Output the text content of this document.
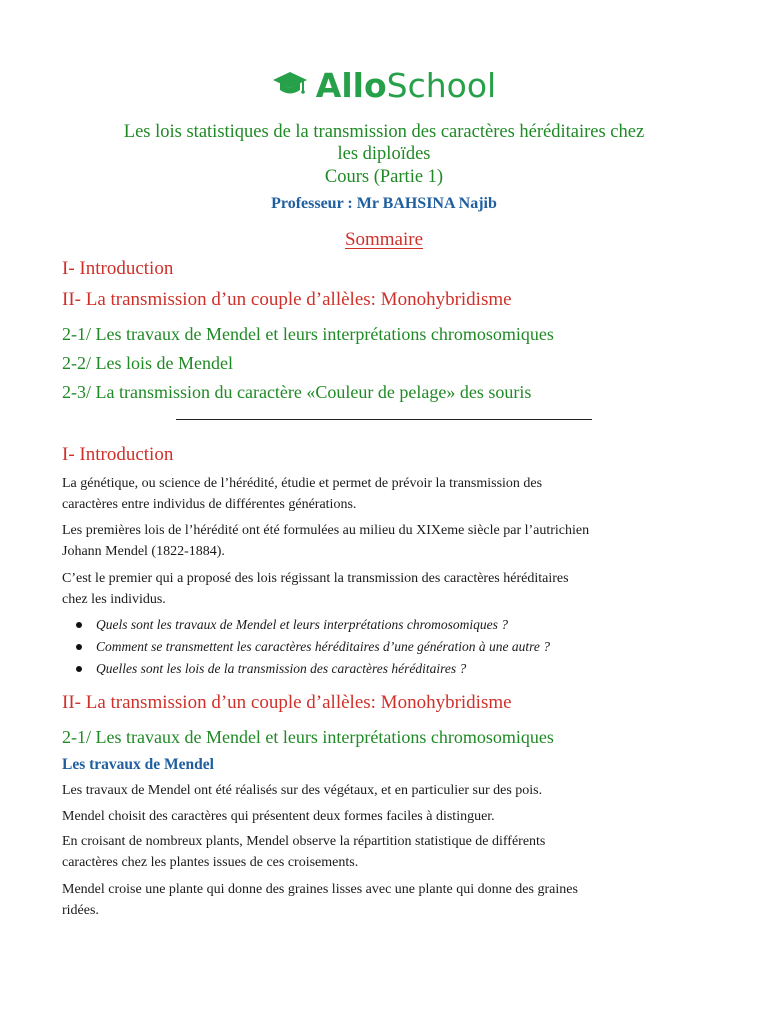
AlloSchool
Les lois statistiques de la transmission des caractères héréditaires chez
les diploïdes
Cours (Partie 1)
Professeur : Mr BAHSINA Najib
Sommaire
I- Introduction
II- La transmission d’un couple d’allèles: Monohybridisme
2-1/ Les travaux de Mendel et leurs interprétations chromosomiques
2-2/ Les lois de Mendel
2-3/ La transmission du caractère «Couleur de pelage» des souris
I- Introduction
La génétique, ou science de l’hérédité, étudie et permet de prévoir la transmission des
caractères entre individus de différentes générations.
Les premières lois de l’hérédité ont été formulées au milieu du XIXeme siècle par l’autrichien
Johann Mendel (1822-1884).
C’est le premier qui a proposé des lois régissant la transmission des caractères héréditaires
chez les individus.
Quels sont les travaux de Mendel et leurs interprétations chromosomiques ?
Comment se transmettent les caractères héréditaires d’une génération à une autre ?
Quelles sont les lois de la transmission des caractères héréditaires ?
II- La transmission d’un couple d’allèles: Monohybridisme
2-1/ Les travaux de Mendel et leurs interprétations chromosomiques
Les travaux de Mendel
Les travaux de Mendel ont été réalisés sur des végétaux, et en particulier sur des pois.
Mendel choisit des caractères qui présentent deux formes faciles à distinguer.
En croisant de nombreux plants, Mendel observe la répartition statistique de différents
caractères chez les plantes issues de ces croisements.
Mendel croise une plante qui donne des graines lisses avec une plante qui donne des graines
ridées.
